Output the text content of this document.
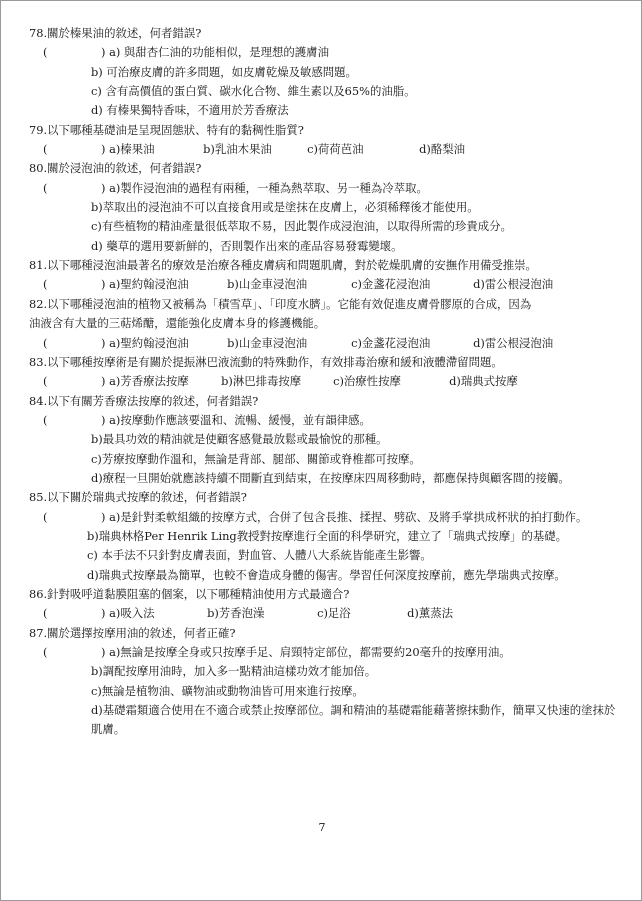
78.關於榛果油的敘述，何者錯誤?
(	) a) 與甜杏仁油的功能相似，是理想的護膚油
b) 可治療皮膚的許多問題，如皮膚乾燥及敏感問題。
c) 含有高價值的蛋白質、碳水化合物、維生素以及65%的油脂。
d) 有榛果獨特香味，不適用於芳香療法
79.以下哪種基礎油是呈現固態狀、特有的黏稠性脂質?
(	) a)榛果油	b)乳油木果油	c)荷荷芭油	d)酪梨油
80.關於浸泡油的敘述，何者錯誤?
(	) a)製作浸泡油的過程有兩種，一種為熱萃取、另一種為冷萃取。
b)萃取出的浸泡油不可以直接食用或是塗抹在皮膚上，必須稀釋後才能使用。
c)有些植物的精油產量很低萃取不易，因此製作成浸泡油，以取得所需的珍貴成分。
d) 藥草的選用要新鮮的，否則製作出來的產品容易發霉變壞。
81.以下哪種浸泡油最著名的療效是治療各種皮膚病和問題肌膚，對於乾燥肌膚的安撫作用備受推崇。
(	) a)聖約翰浸泡油	b)山金車浸泡油	c)金盞花浸泡油	d)雷公根浸泡油
82.以下哪種浸泡油的植物又被稱為「積雪草」、「印度水臍」。它能有效促進皮膚骨膠原的合成，因為
油液含有大量的三萜烯醣，還能強化皮膚本身的修護機能。
(	) a)聖約翰浸泡油	b)山金車浸泡油	c)金盞花浸泡油	d)雷公根浸泡油
83.以下哪種按摩術是有關於提振淋巴液流動的特殊動作，有效排毒治療和緩和液體滯留問題。
(	) a)芳香療法按摩	b)淋巴排毒按摩	c)治療性按摩	d)瑞典式按摩
84.以下有關芳香療法按摩的敘述，何者錯誤?
(	) a)按摩動作應該要溫和、流暢、緩慢，並有韻律感。
b)最具功效的精油就是使顧客感覺最放鬆或最愉悅的那種。
c)芳療按摩動作溫和，無論是背部、腿部、關節或脊椎都可按摩。
d)療程一旦開始就應該持續不間斷直到結束，在按摩床四周移動時，都應保持與顧客間的接觸。
85.以下關於瑞典式按摩的敘述，何者錯誤?
(	) a)是針對柔軟組織的按摩方式，合併了包含長推、揉捏、劈砍、及將手掌拱成杯狀的拍打動作。
b)瑞典林格Per Henrik Ling教授對按摩進行全面的科學研究，建立了「瑞典式按摩」的基礎。
c) 本手法不只針對皮膚表面，對血管、人體八大系統皆能產生影響。
d)瑞典式按摩最為簡單，也較不會造成身體的傷害。學習任何深度按摩前，應先學瑞典式按摩。
86.針對吸呼道黏膜阻塞的個案，以下哪種精油使用方式最適合?
(	) a)吸入法	b)芳香泡澡	c)足浴	d)薰蒸法
87.關於選擇按摩用油的敘述，何者正確?
(	) a)無論是按摩全身或只按摩手足、肩頸特定部位，都需要約20毫升的按摩用油。
b)調配按摩用油時，加入多一點精油這樣功效才能加倍。
c)無論是植物油、礦物油或動物油皆可用來進行按摩。
d)基礎霜類適合使用在不適合或禁止按摩部位。調和精油的基礎霜能藉著擦抹動作，簡單又快速的塗抹於肌膚。
7
